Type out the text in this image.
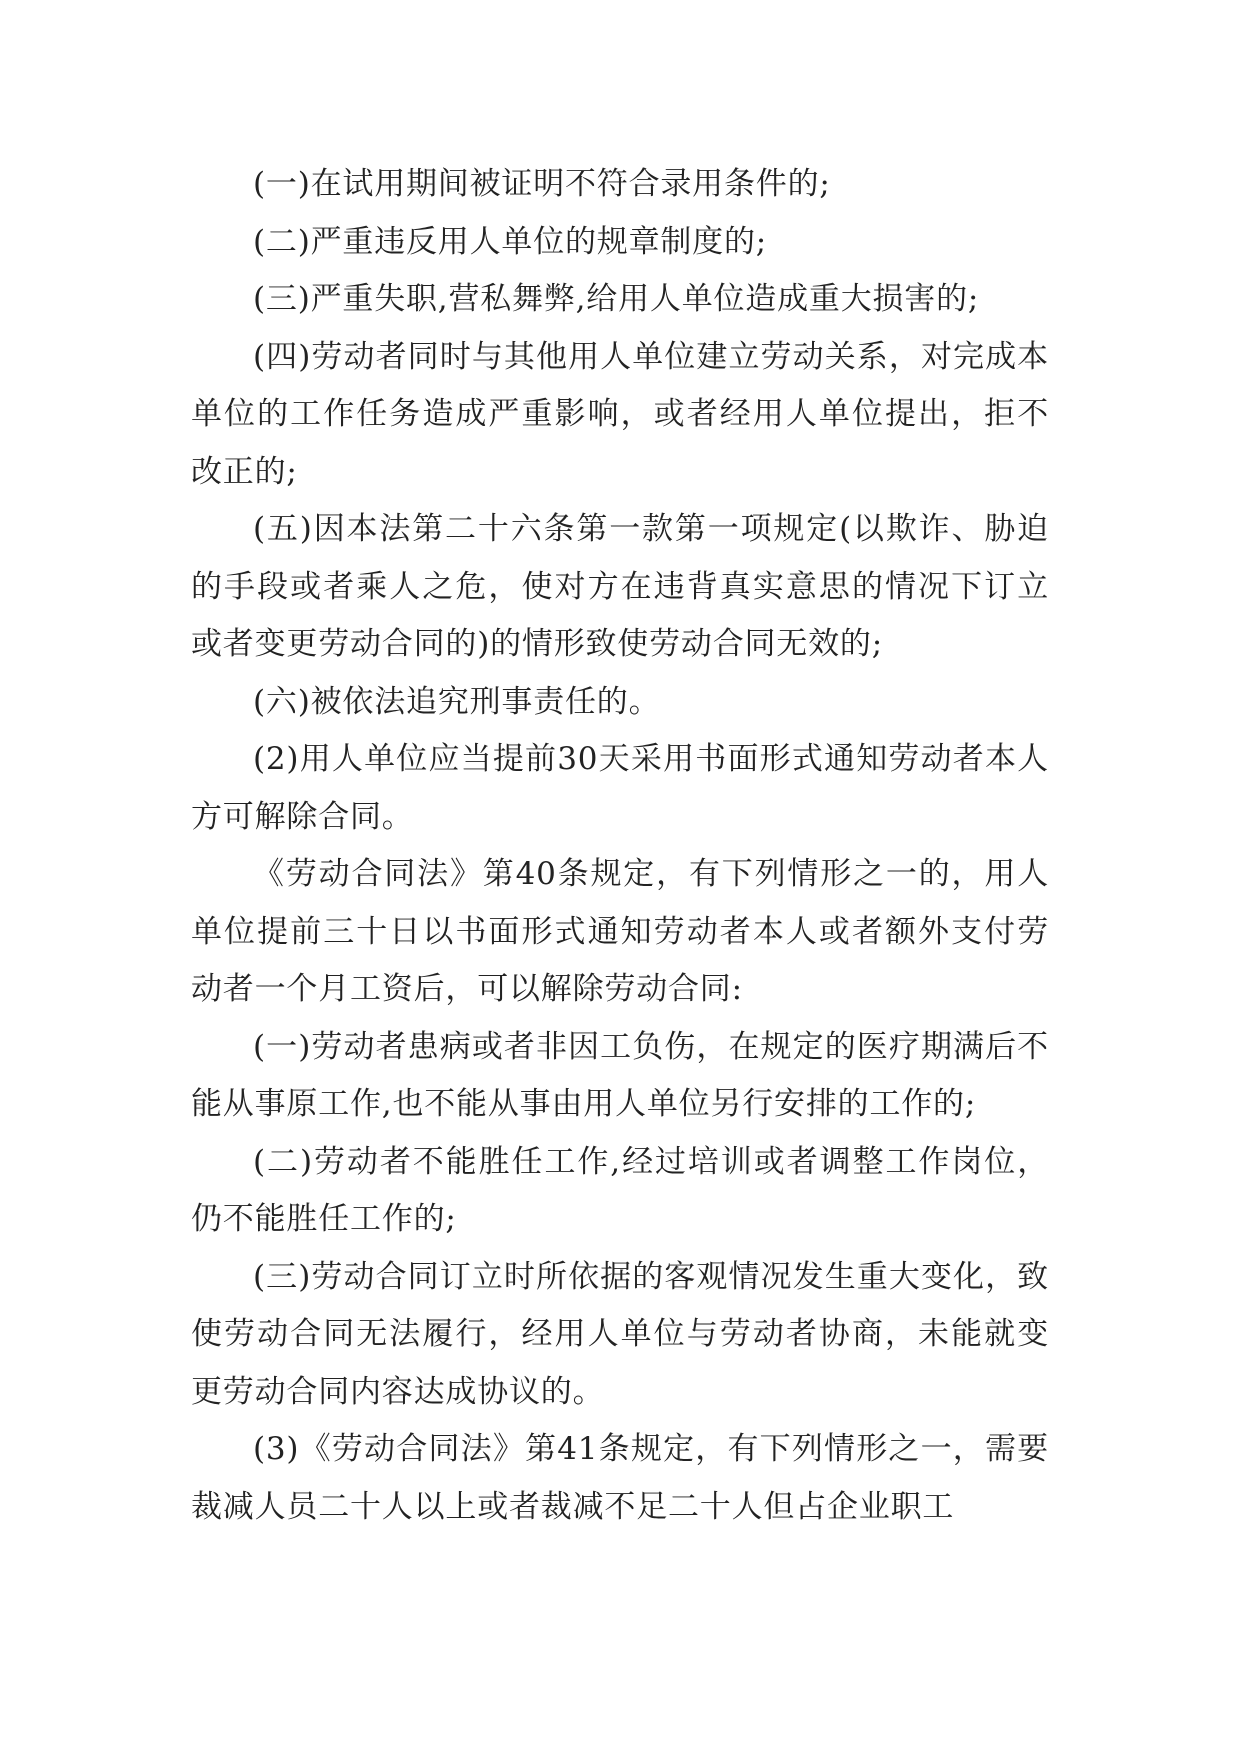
(一)在试用期间被证明不符合录用条件的;

(二)严重违反用人单位的规章制度的;

(三)严重失职,营私舞弊,给用人单位造成重大损害的;

(四)劳动者同时与其他用人单位建立劳动关系，对完成本单位的工作任务造成严重影响，或者经用人单位提出，拒不改正的;

(五)因本法第二十六条第一款第一项规定(以欺诈、胁迫的手段或者乘人之危，使对方在违背真实意思的情况下订立或者变更劳动合同的)的情形致使劳动合同无效的;

(六)被依法追究刑事责任的。

(2)用人单位应当提前30天采用书面形式通知劳动者本人方可解除合同。

《劳动合同法》第40条规定，有下列情形之一的，用人单位提前三十日以书面形式通知劳动者本人或者额外支付劳动者一个月工资后，可以解除劳动合同:

(一)劳动者患病或者非因工负伤，在规定的医疗期满后不能从事原工作,也不能从事由用人单位另行安排的工作的;

(二)劳动者不能胜任工作,经过培训或者调整工作岗位，仍不能胜任工作的;

(三)劳动合同订立时所依据的客观情况发生重大变化，致使劳动合同无法履行，经用人单位与劳动者协商，未能就变更劳动合同内容达成协议的。

(3)《劳动合同法》第41条规定，有下列情形之一，需要裁减人员二十人以上或者裁减不足二十人但占企业职工
